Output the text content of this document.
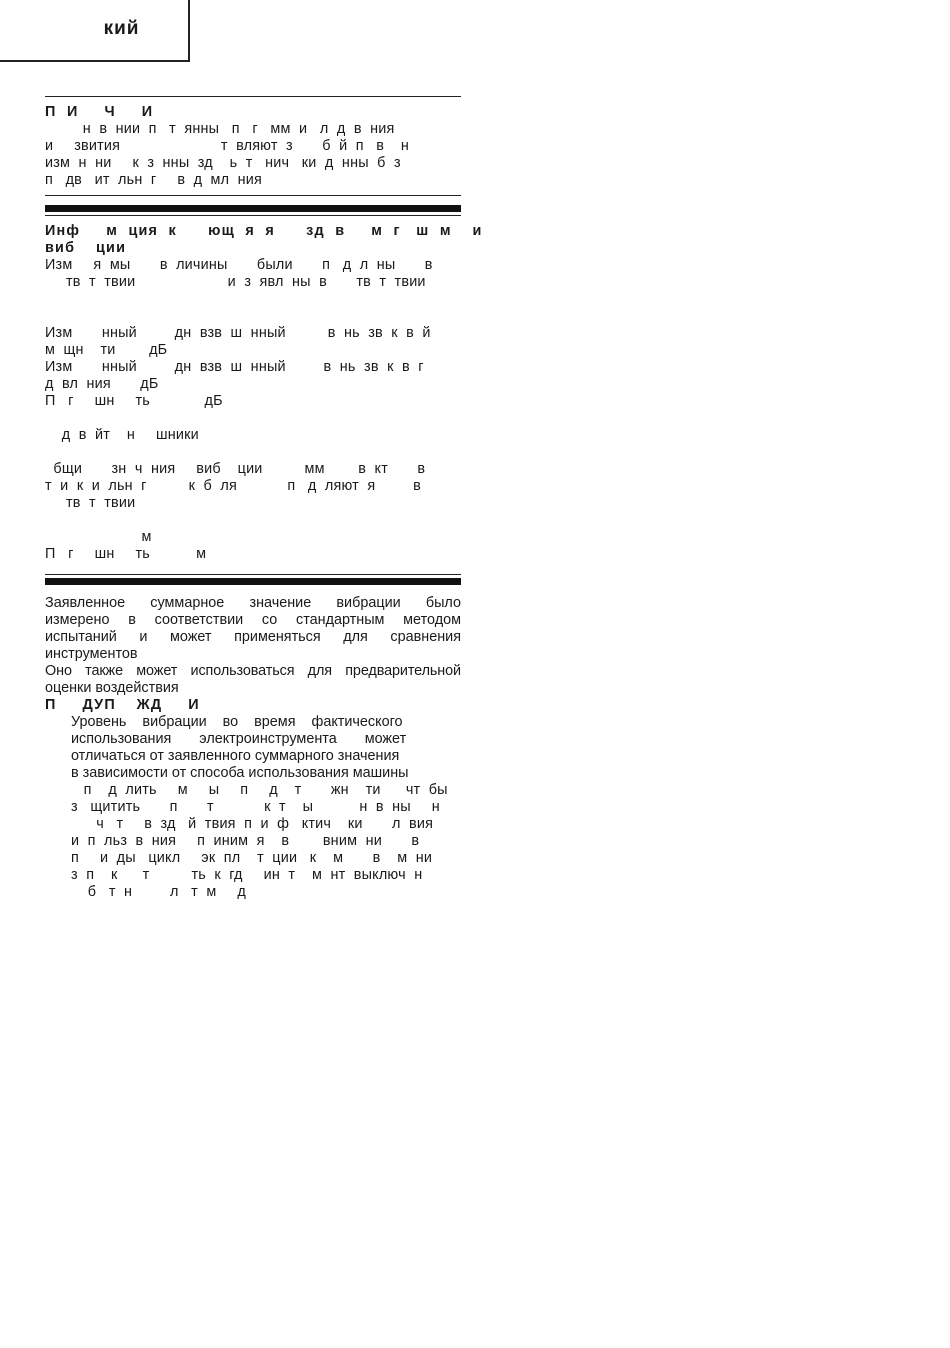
кий
П  И     Ч     И
н  в  нии  п   т  янны   п   г   мм  и   л  д  в  ния
и     звития                        т  вляют  з       б  й  п   в    н
изм  н  ни     к  з  нны  зд    ь  т   нич   ки  д  нны  б  з
п   дв   ит  льн  г     в  д  мл  ния
Инф     м  ция  к      ющ  я  я      зд  в     м  г   ш  м    и
виб    ции
Изм     я  мы       в  личины       были       п   д  л  ны       в
тв  т  твии                      и  з  явл  ны  в       тв  т  твии
Изм       нный         дн  взв  ш  нный          в  нь  зв  к  в  й
м  щн    ти        дБ
Изм       нный         дн  взв  ш  нный         в  нь  зв  к  в  г
д  вл  ния       дБ
П   г     шн     ть             дБ
д  в  йт    н     шники
бщи       зн  ч  ния     виб    ции          мм        в  кт       в
т  и  к  и  льн  г          к  б  ля            п   д  ляют  я         в
тв  т  твии
м
П   г     шн     ть           м
Заявленное суммарное значение вибрации было
измерено в соответствии со стандартным методом
испытаний и может применяться для сравнения
инструментов
Оно также может использоваться для предварительной
оценки воздействия
П     ДУП    ЖД     И
Уровень    вибрации    во    время    фактического
использования       электроинструмента       может
отличаться от заявленного суммарного значения
в зависимости от способа использования машины
п    д  лить     м     ы     п     д    т       жн    ти      чт  бы
з   щитить       п       т            к  т    ы           н  в  ны     н
ч   т     в  зд   й  твия  п  и  ф   ктич    ки       л  вия
и  п  льз  в  ния     п  иним  я    в        вним  ни       в
п     и  ды   цикл     эк  пл    т  ции   к    м       в    м  ни
з  п    к      т          ть  к  гд     ин  т    м  нт  выключ  н
б   т  н         л   т  м     д
